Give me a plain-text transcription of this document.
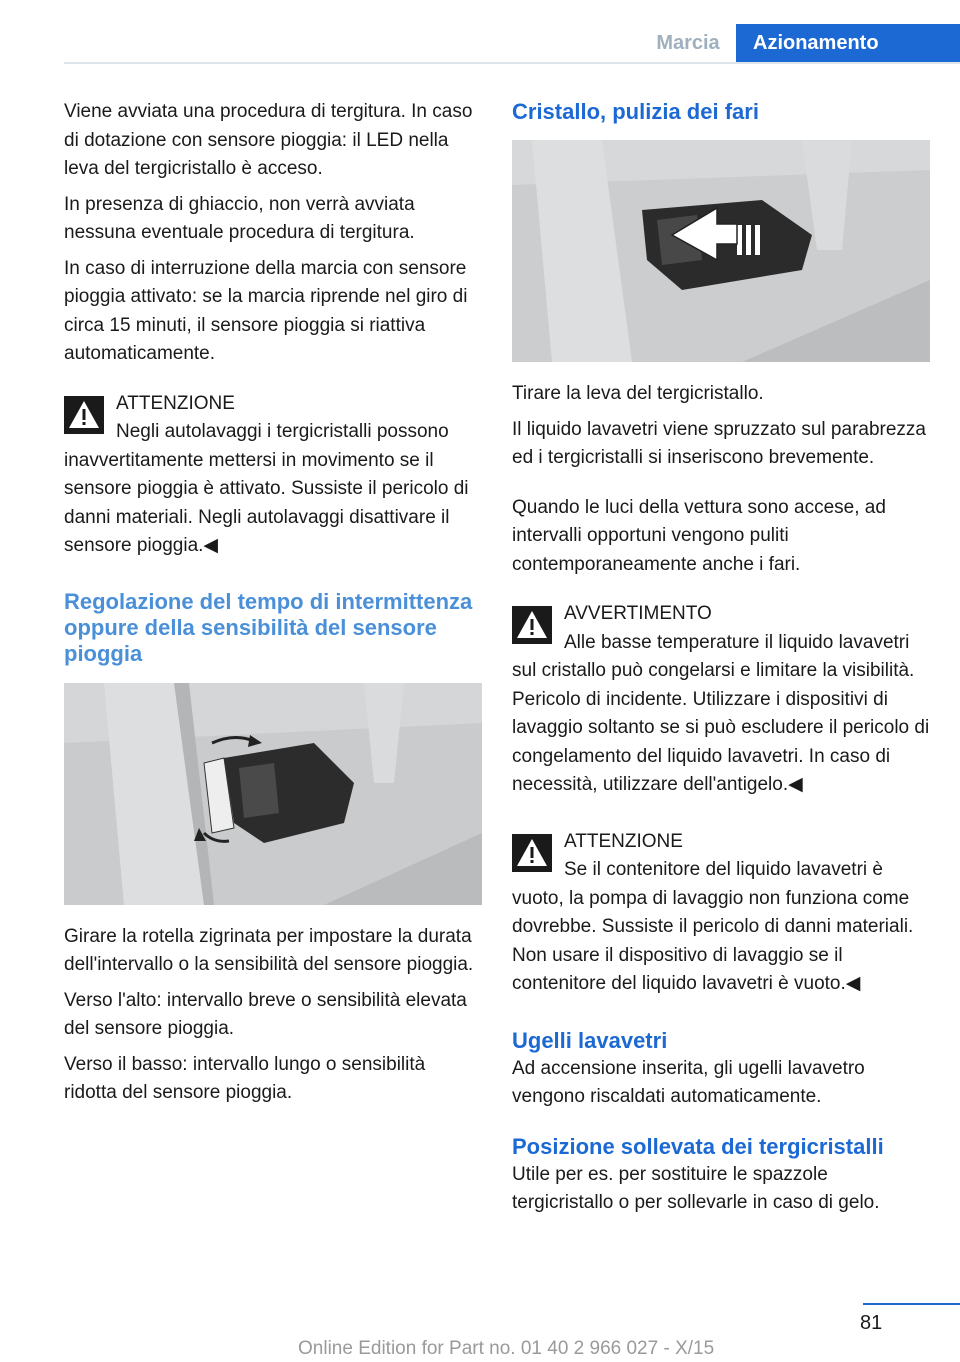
Marcia	Azionamento

Viene avviata una procedura di tergitura. In caso di dotazione con sensore pioggia: il LED nella leva del tergicristallo è acceso.

In presenza di ghiaccio, non verrà avviata nessuna eventuale procedura di tergitura.

In caso di interruzione della marcia con sensore pioggia attivato: se la marcia riprende nel giro di circa 15 minuti, il sensore pioggia si riattiva automaticamente.

ATTENZIONE
Negli autolavaggi i tergicristalli possono inavvertitamente mettersi in movimento se il sensore pioggia è attivato. Sussiste il pericolo di danni materiali. Negli autolavaggi disattivare il sensore pioggia.◀
Regolazione del tempo di intermittenza oppure della sensibilità del sensore pioggia

Girare la rotella zigrinata per impostare la durata dell'intervallo o la sensibilità del sensore pioggia.

Verso l'alto: intervallo breve o sensibilità elevata del sensore pioggia.

Verso il basso: intervallo lungo o sensibilità ridotta del sensore pioggia.

Cristallo, pulizia dei fari

Tirare la leva del tergicristallo.

Il liquido lavavetri viene spruzzato sul parabrezza ed i tergicristalli si inseriscono brevemente.

Quando le luci della vettura sono accese, ad intervalli opportuni vengono puliti contemporaneamente anche i fari.

AVVERTIMENTO
Alle basse temperature il liquido lavavetri sul cristallo può congelarsi e limitare la visibilità. Pericolo di incidente. Utilizzare i dispositivi di lavaggio soltanto se si può escludere il pericolo di congelamento del liquido lavavetri. In caso di necessità, utilizzare dell'antigelo.◀
ATTENZIONE
Se il contenitore del liquido lavavetri è vuoto, la pompa di lavaggio non funziona come dovrebbe. Sussiste il pericolo di danni materiali. Non usare il dispositivo di lavaggio se il contenitore del liquido lavavetri è vuoto.◀
Ugelli lavavetri

Ad accensione inserita, gli ugelli lavavetro vengono riscaldati automaticamente.

Posizione sollevata dei tergicristalli

Utile per es. per sostituire le spazzole tergicristallo o per sollevarle in caso di gelo.

81
Online Edition for Part no. 01 40 2 966 027 - X/15
